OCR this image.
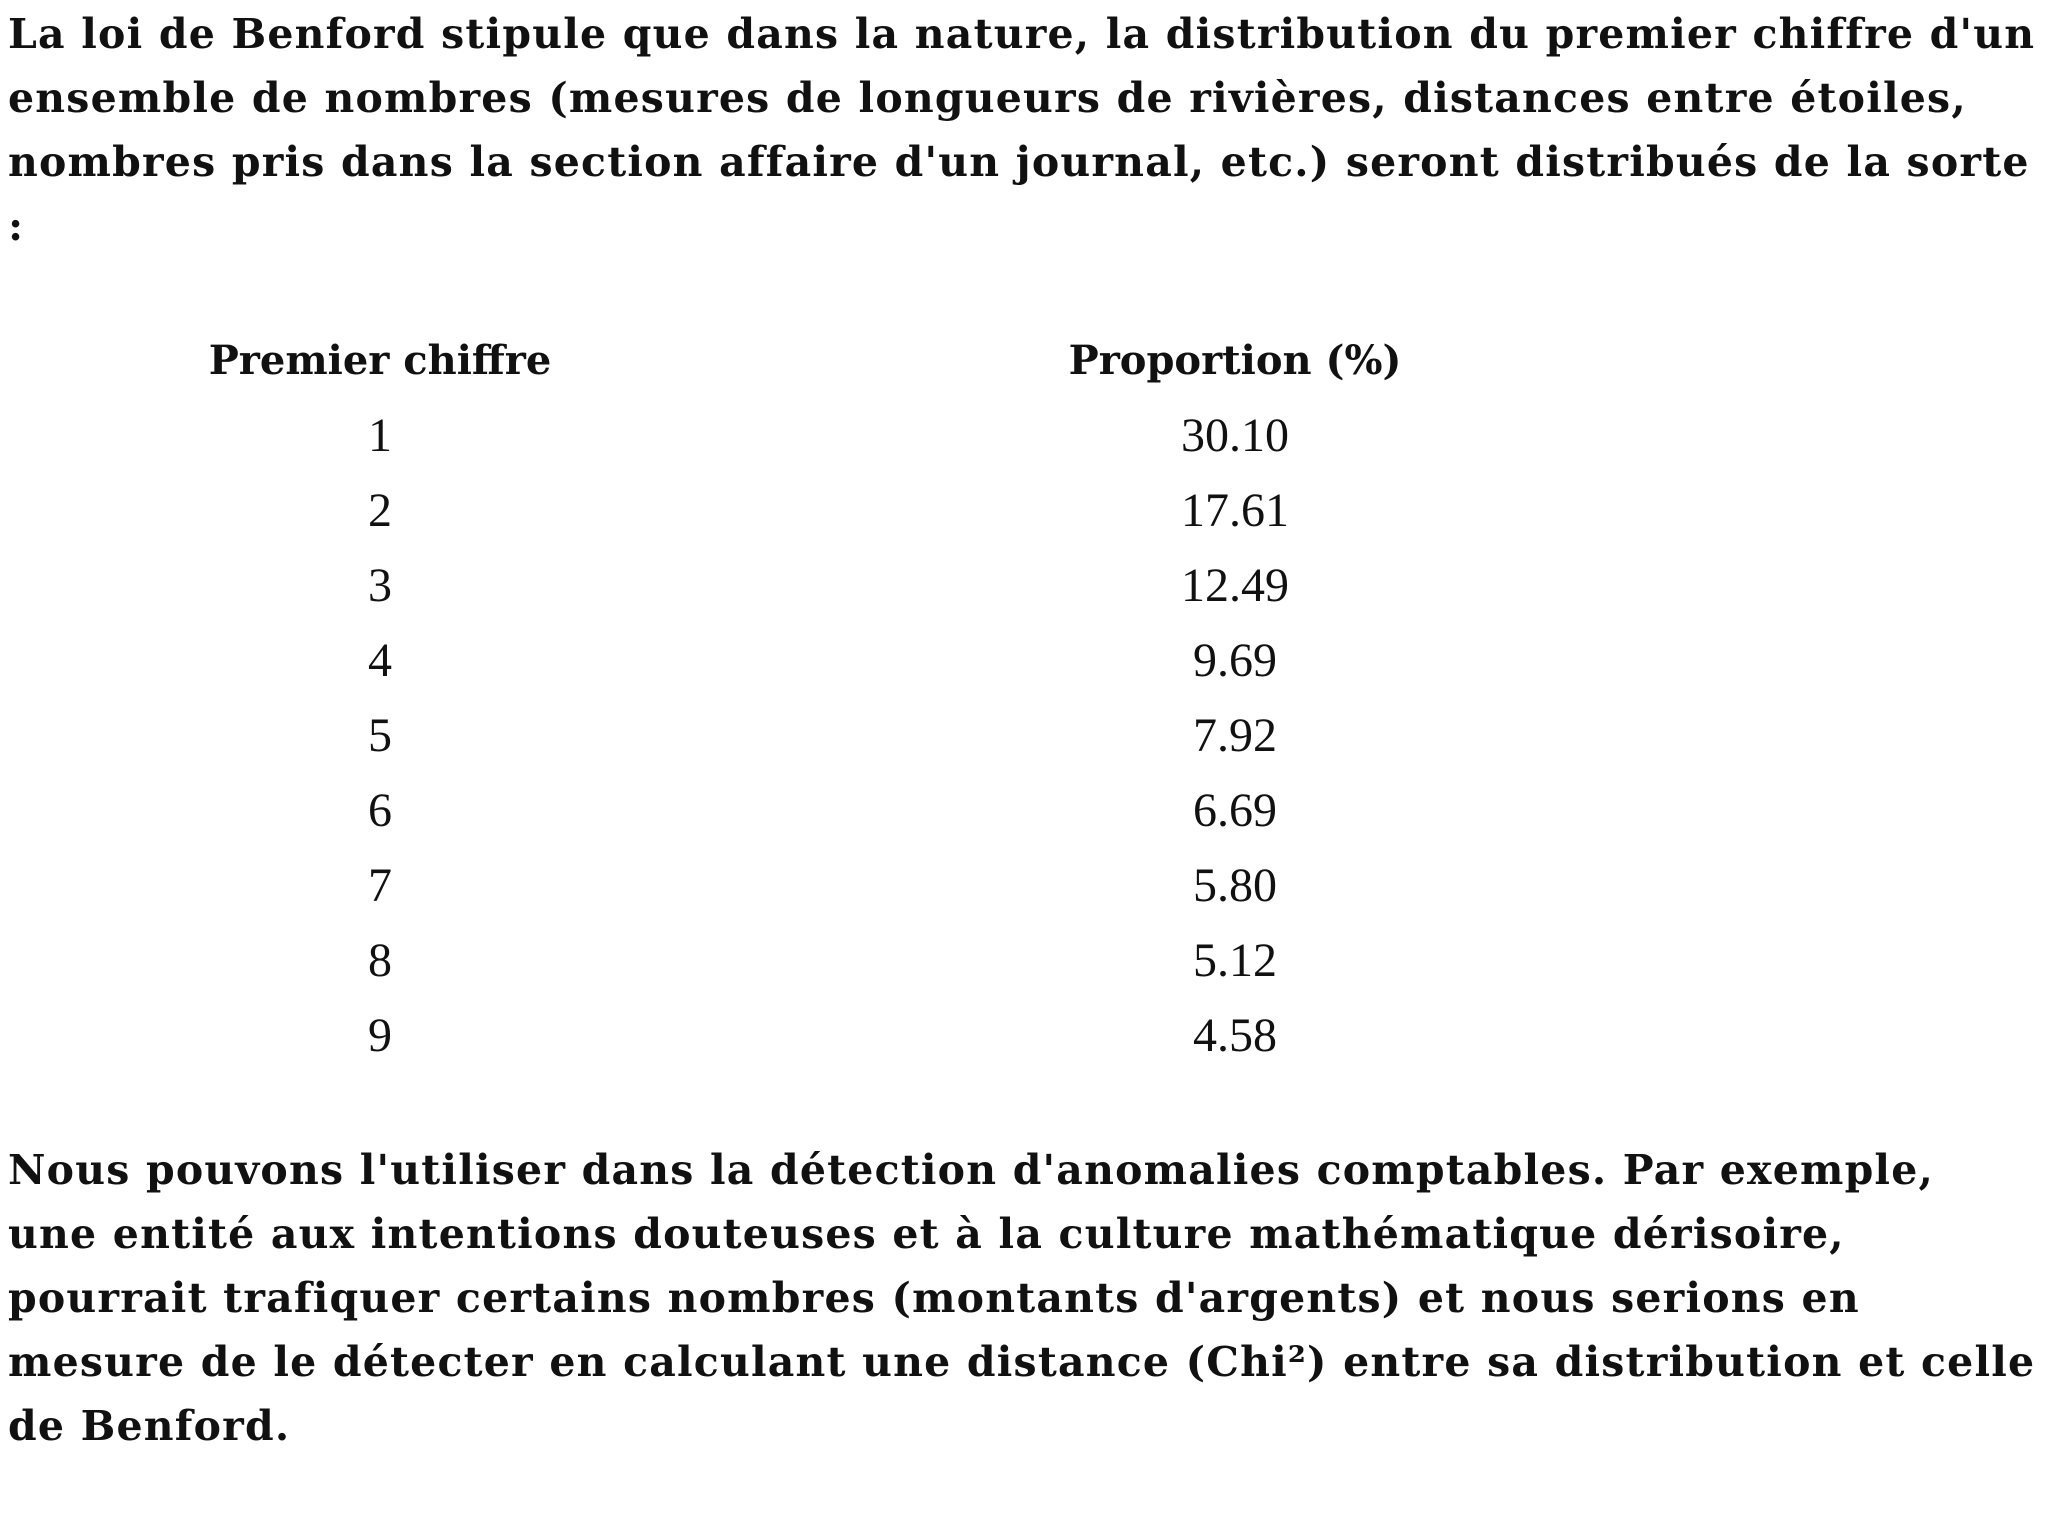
La loi de Benford stipule que dans la nature, la distribution du premier chiffre d'un ensemble de nombres (mesures de longueurs de rivières, distances entre étoiles, nombres pris dans la section affaire d'un journal, etc.) seront distribués de la sorte :

Premier chiffre		Proportion (%)
1		30.10
2		17.61
3		12.49
4		9.69
5		7.92
6		6.69
7		5.80
8		5.12
9		4.58

Nous pouvons l'utiliser dans la détection d'anomalies comptables. Par exemple, une entité aux intentions douteuses et à la culture mathématique dérisoire, pourrait trafiquer certains nombres (montants d'argents) et nous serions en mesure de le détecter en calculant une distance (Chi²) entre sa distribution et celle de Benford.
